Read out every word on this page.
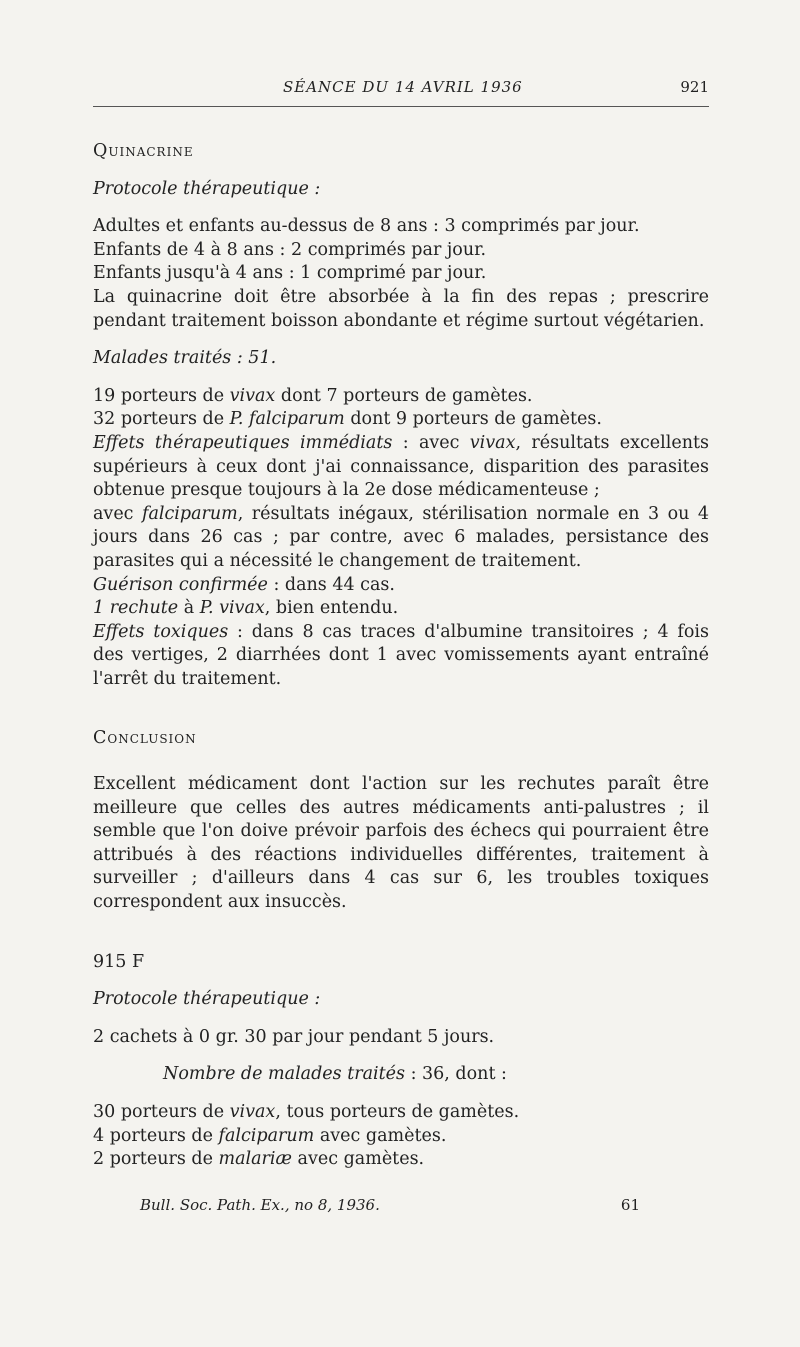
SÉANCE DU 14 AVRIL 1936	921

Quinacrine

Protocole thérapeutique :

Adultes et enfants au-dessus de 8 ans : 3 comprimés par jour.

Enfants de 4 à 8 ans : 2 comprimés par jour.

Enfants jusqu'à 4 ans : 1 comprimé par jour.

La quinacrine doit être absorbée à la fin des repas ; prescrire pendant traitement boisson abondante et régime surtout végétarien.

Malades traités : 51.

19 porteurs de vivax dont 7 porteurs de gamètes.

32 porteurs de P. falciparum dont 9 porteurs de gamètes.

Effets thérapeutiques immédiats : avec vivax, résultats excellents supérieurs à ceux dont j'ai connaissance, disparition des parasites obtenue presque toujours à la 2e dose médicamenteuse ;

avec falciparum, résultats inégaux, stérilisation normale en 3 ou 4 jours dans 26 cas ; par contre, avec 6 malades, persistance des parasites qui a nécessité le changement de traitement.

Guérison confirmée : dans 44 cas.

1 rechute à P. vivax, bien entendu.

Effets toxiques : dans 8 cas traces d'albumine transitoires ; 4 fois des vertiges, 2 diarrhées dont 1 avec vomissements ayant entraîné l'arrêt du traitement.

Conclusion

Excellent médicament dont l'action sur les rechutes paraît être meilleure que celles des autres médicaments anti-palustres ; il semble que l'on doive prévoir parfois des échecs qui pourraient être attribués à des réactions individuelles différentes, traitement à surveiller ; d'ailleurs dans 4 cas sur 6, les troubles toxiques correspondent aux insuccès.

915 F

Protocole thérapeutique :

2 cachets à 0 gr. 30 par jour pendant 5 jours.

Nombre de malades traités : 36, dont :

30 porteurs de vivax, tous porteurs de gamètes.

4 porteurs de falciparum avec gamètes.

2 porteurs de malariæ avec gamètes.

Bull. Soc. Path. Ex., no 8, 1936.	61
